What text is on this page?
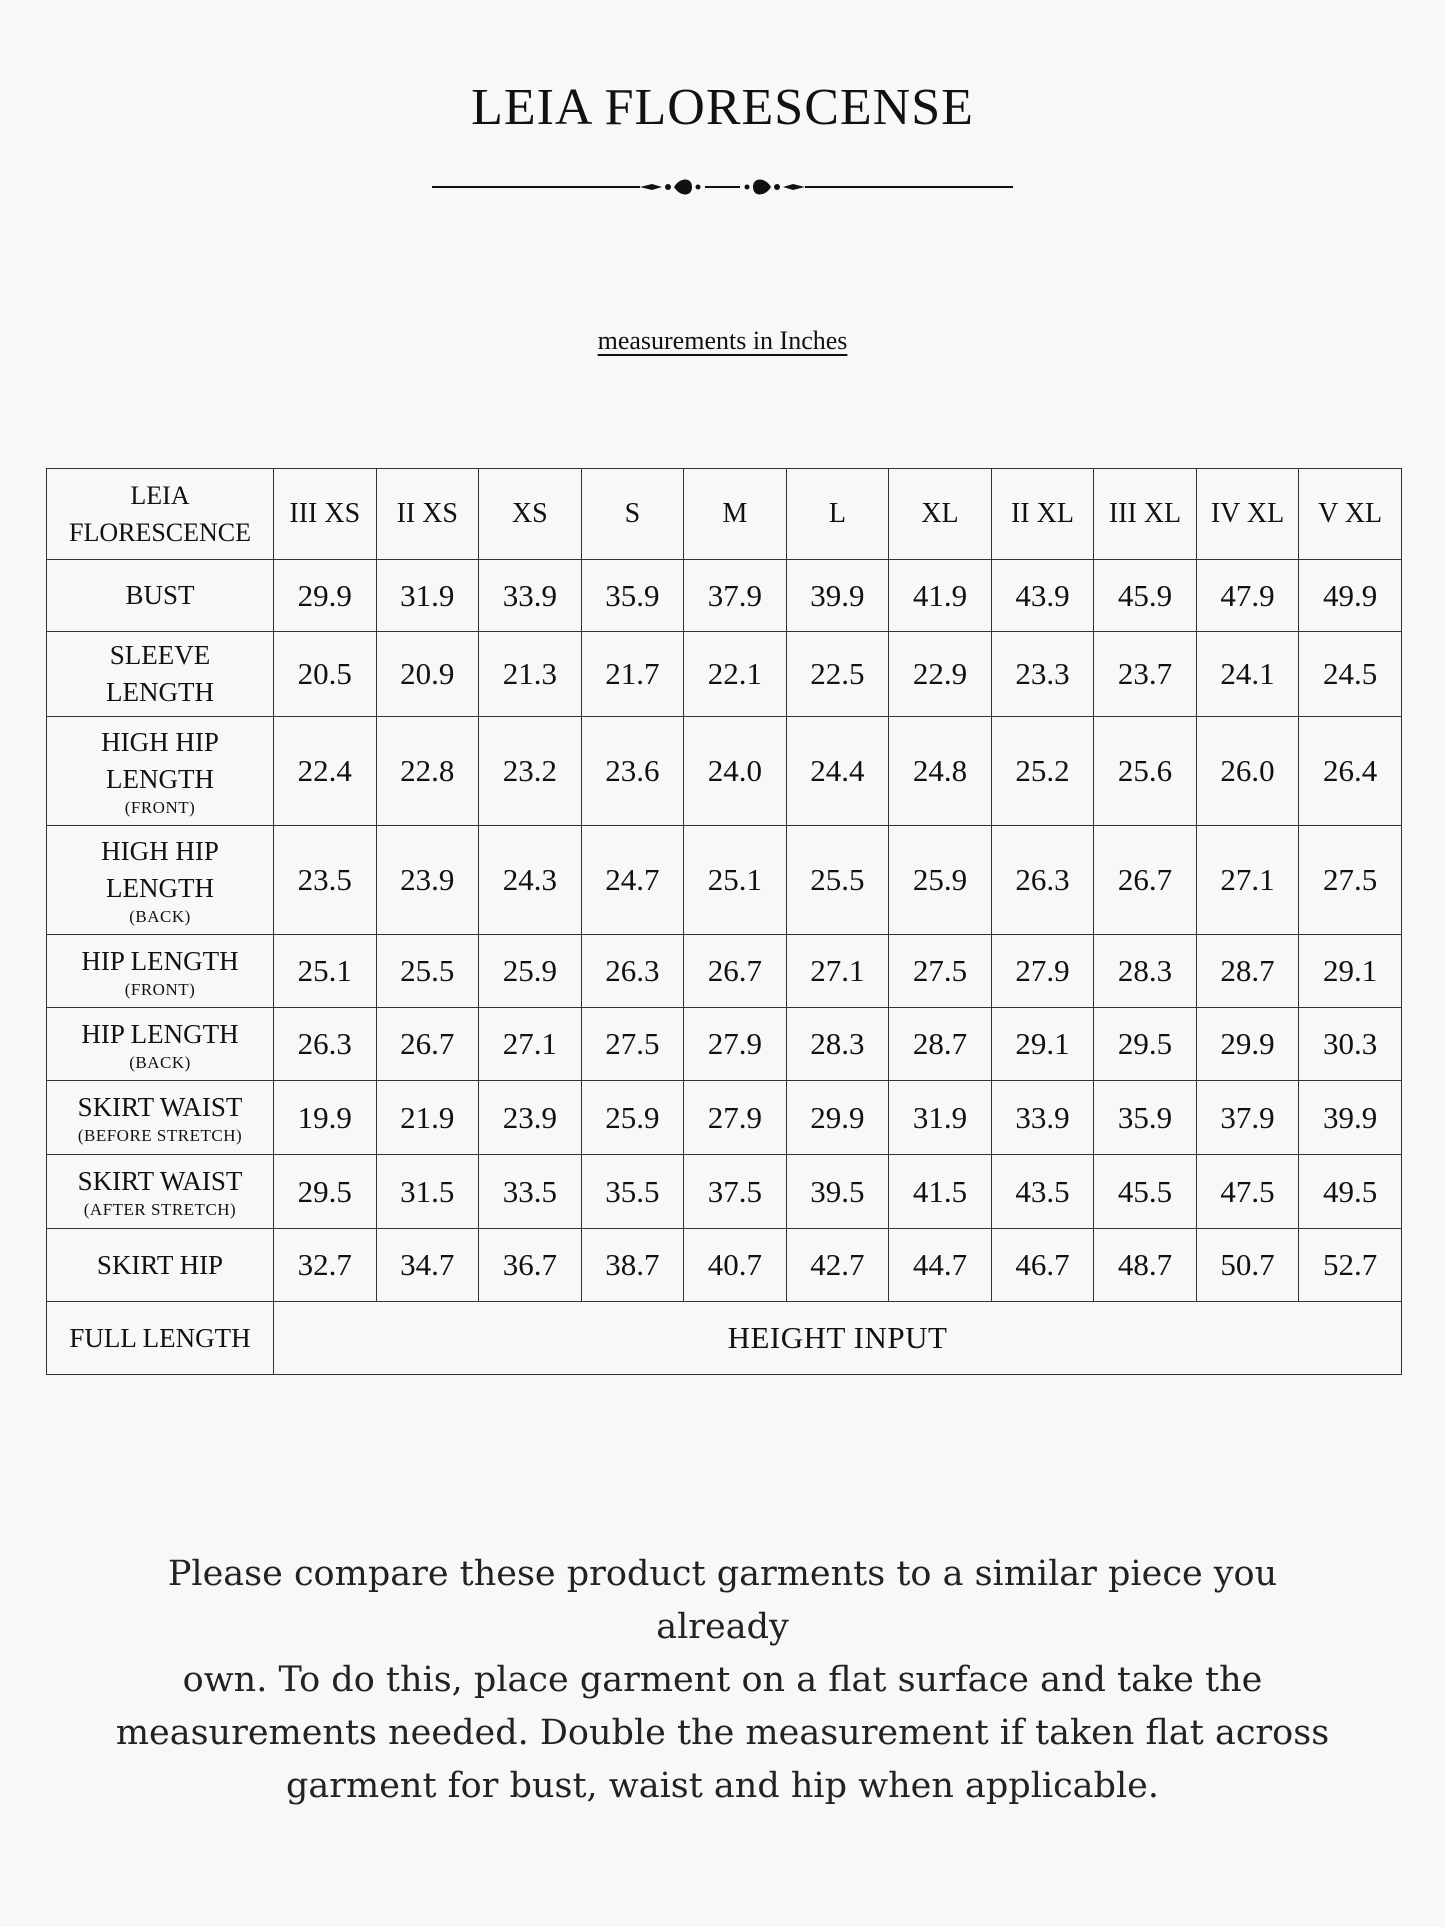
LEIA FLORESCENSE
measurements in Inches
LEIA
FLORESCENCE	III XS	II XS	XS	S	M	L	XL	II XL	III XL	IV XL	V XL

BUST	29.9	31.9	33.9	35.9	37.9	39.9	41.9	43.9	45.9	47.9	49.9

SLEEVE
LENGTH	20.5	20.9	21.3	21.7	22.1	22.5	22.9	23.3	23.7	24.1	24.5

HIGH HIP
LENGTH
(FRONT)	22.4	22.8	23.2	23.6	24.0	24.4	24.8	25.2	25.6	26.0	26.4

HIGH HIP
LENGTH
(BACK)	23.5	23.9	24.3	24.7	25.1	25.5	25.9	26.3	26.7	27.1	27.5

HIP LENGTH
(FRONT)	25.1	25.5	25.9	26.3	26.7	27.1	27.5	27.9	28.3	28.7	29.1

HIP LENGTH
(BACK)	26.3	26.7	27.1	27.5	27.9	28.3	28.7	29.1	29.5	29.9	30.3

SKIRT WAIST
(BEFORE STRETCH)	19.9	21.9	23.9	25.9	27.9	29.9	31.9	33.9	35.9	37.9	39.9

SKIRT WAIST
(AFTER STRETCH)	29.5	31.5	33.5	35.5	37.5	39.5	41.5	43.5	45.5	47.5	49.5

SKIRT HIP	32.7	34.7	36.7	38.7	40.7	42.7	44.7	46.7	48.7	50.7	52.7
FULL LENGTH	HEIGHT INPUT										
Please compare these product garments to a similar piece you already
own. To do this, place garment on a flat surface and take the
measurements needed. Double the measurement if taken flat across
garment for bust, waist and hip when applicable.
